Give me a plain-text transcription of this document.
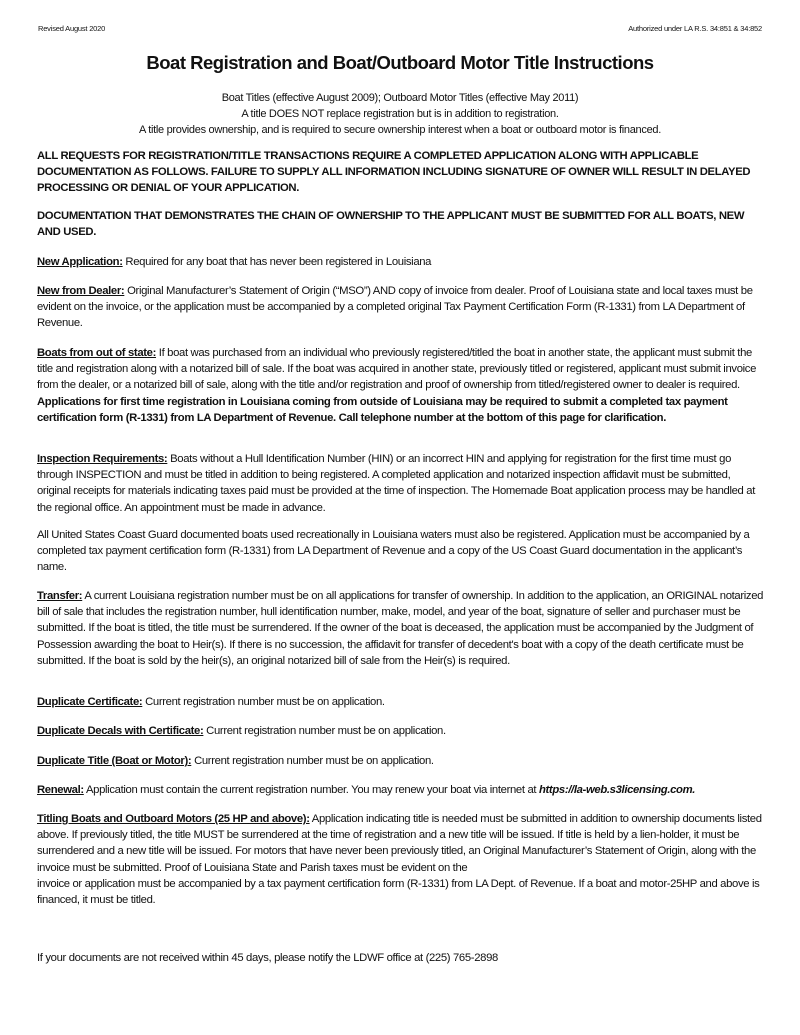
Revised August 2020	Authorized under LA R.S. 34:851 & 34:852
Boat Registration and Boat/Outboard Motor Title Instructions
Boat Titles (effective August 2009); Outboard Motor Titles (effective May 2011)
A title DOES NOT replace registration but is in addition to registration.
A title provides ownership, and is required to secure ownership interest when a boat or outboard motor is financed.

ALL REQUESTS FOR REGISTRATION/TITLE TRANSACTIONS REQUIRE A COMPLETED APPLICATION ALONG WITH APPLICABLE DOCUMENTATION AS FOLLOWS. FAILURE TO SUPPLY ALL INFORMATION INCLUDING SIGNATURE OF OWNER WILL RESULT IN DELAYED PROCESSING OR DENIAL OF YOUR APPLICATION.

DOCUMENTATION THAT DEMONSTRATES THE CHAIN OF OWNERSHIP TO THE APPLICANT MUST BE SUBMITTED FOR ALL BOATS, NEW AND USED.

New Application: Required for any boat that has never been registered in Louisiana

New from Dealer: Original Manufacturer’s Statement of Origin (“MSO”) AND copy of invoice from dealer. Proof of Louisiana state and local taxes must be evident on the invoice, or the application must be accompanied by a completed original Tax Payment Certification Form (R-1331) from LA Department of Revenue.

Boats from out of state: If boat was purchased from an individual who previously registered/titled the boat in another state, the applicant must submit the title and registration along with a notarized bill of sale. If the boat was acquired in another state, previously titled or registered, applicant must submit invoice from the dealer, or a notarized bill of sale, along with the title and/or registration and proof of ownership from titled/registered owner to dealer is required. Applications for first time registration in Louisiana coming from outside of Louisiana may be required to submit a completed tax payment certification form (R-1331) from LA Department of Revenue. Call telephone number at the bottom of this page for clarification.

Inspection Requirements: Boats without a Hull Identification Number (HIN) or an incorrect HIN and applying for registration for the first time must go through INSPECTION and must be titled in addition to being registered. A completed application and notarized inspection affidavit must be submitted, original receipts for materials indicating taxes paid must be provided at the time of inspection. The Homemade Boat application process may be handled at the regional office. An appointment must be made in advance.

All United States Coast Guard documented boats used recreationally in Louisiana waters must also be registered. Application must be accompanied by a completed tax payment certification form (R-1331) from LA Department of Revenue and a copy of the US Coast Guard documentation in the applicant’s name.

Transfer: A current Louisiana registration number must be on all applications for transfer of ownership. In addition to the application, an ORIGINAL notarized bill of sale that includes the registration number, hull identification number, make, model, and year of the boat, signature of seller and purchaser must be submitted. If the boat is titled, the title must be surrendered. If the owner of the boat is deceased, the application must be accompanied by the Judgment of Possession awarding the boat to Heir(s). If there is no succession, the affidavit for transfer of decedent's boat with a copy of the death certificate must be submitted. If the boat is sold by the heir(s), an original notarized bill of sale from the Heir(s) is required.

Duplicate Certificate: Current registration number must be on application.

Duplicate Decals with Certificate: Current registration number must be on application.

Duplicate Title (Boat or Motor): Current registration number must be on application.

Renewal: Application must contain the current registration number. You may renew your boat via internet at https://la-web.s3licensing.com.

Titling Boats and Outboard Motors (25 HP and above): Application indicating title is needed must be submitted in addition to ownership documents listed above. If previously titled, the title MUST be surrendered at the time of registration and a new title will be issued. If title is held by a lien-holder, it must be surrendered and a new title will be issued. For motors that have never been previously titled, an Original Manufacturer’s Statement of Origin, along with the invoice must be submitted. Proof of Louisiana State and Parish taxes must be evident on the
invoice or application must be accompanied by a tax payment certification form (R-1331) from LA Dept. of Revenue. If a boat and motor-25HP and above is financed, it must be titled.

If your documents are not received within 45 days, please notify the LDWF office at (225) 765-2898
